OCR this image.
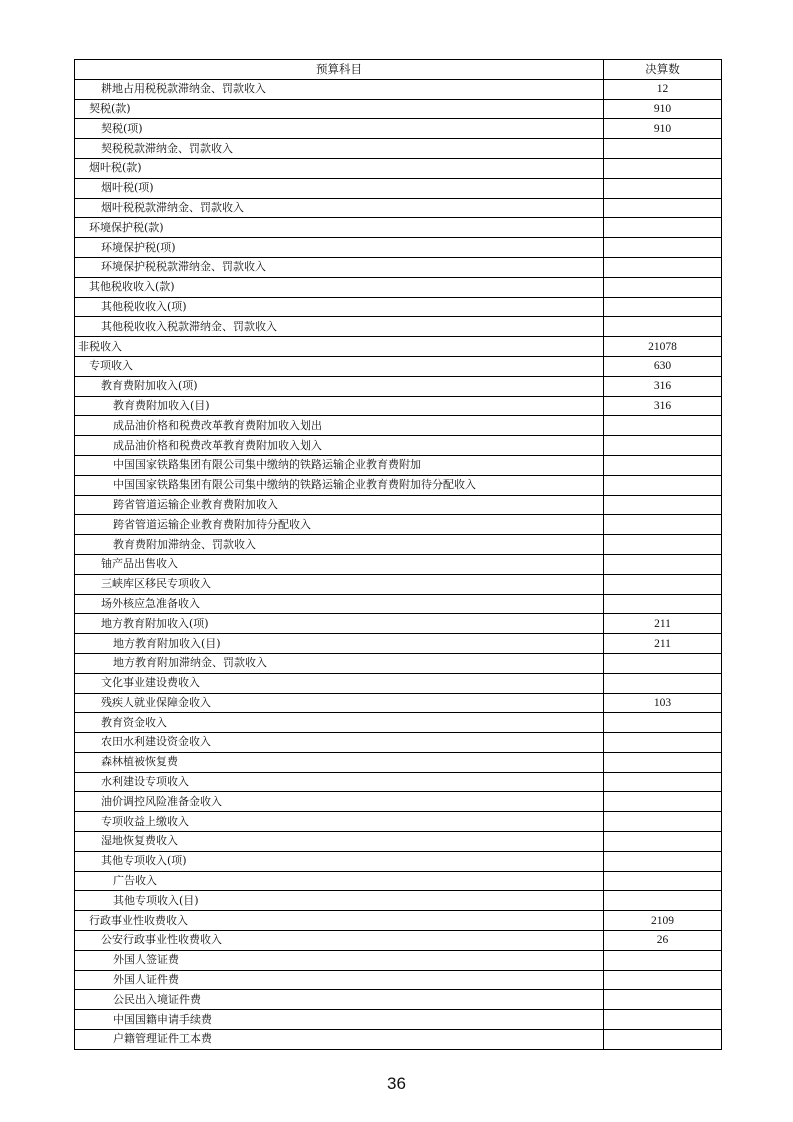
预算科目	决算数
耕地占用税税款滞纳金、罚款收入	12
契税(款)	910
契税(项)	910
契税税款滞纳金、罚款收入	
烟叶税(款)	
烟叶税(项)	
烟叶税税款滞纳金、罚款收入	
环境保护税(款)	
环境保护税(项)	
环境保护税税款滞纳金、罚款收入	
其他税收收入(款)	
其他税收收入(项)	
其他税收收入税款滞纳金、罚款收入	
非税收入	21078
专项收入	630
教育费附加收入(项)	316
教育费附加收入(目)	316
成品油价格和税费改革教育费附加收入划出	
成品油价格和税费改革教育费附加收入划入	
中国国家铁路集团有限公司集中缴纳的铁路运输企业教育费附加	
中国国家铁路集团有限公司集中缴纳的铁路运输企业教育费附加待分配收入	
跨省管道运输企业教育费附加收入	
跨省管道运输企业教育费附加待分配收入	
教育费附加滞纳金、罚款收入	
铀产品出售收入	
三峡库区移民专项收入	
场外核应急准备收入	
地方教育附加收入(项)	211
地方教育附加收入(目)	211
地方教育附加滞纳金、罚款收入	
文化事业建设费收入	
残疾人就业保障金收入	103
教育资金收入	
农田水利建设资金收入	
森林植被恢复费	
水利建设专项收入	
油价调控风险准备金收入	
专项收益上缴收入	
湿地恢复费收入	
其他专项收入(项)	
广告收入	
其他专项收入(目)	
行政事业性收费收入	2109
公安行政事业性收费收入	26
外国人签证费	
外国人证件费	
公民出入境证件费	
中国国籍申请手续费	
户籍管理证件工本费	
36
